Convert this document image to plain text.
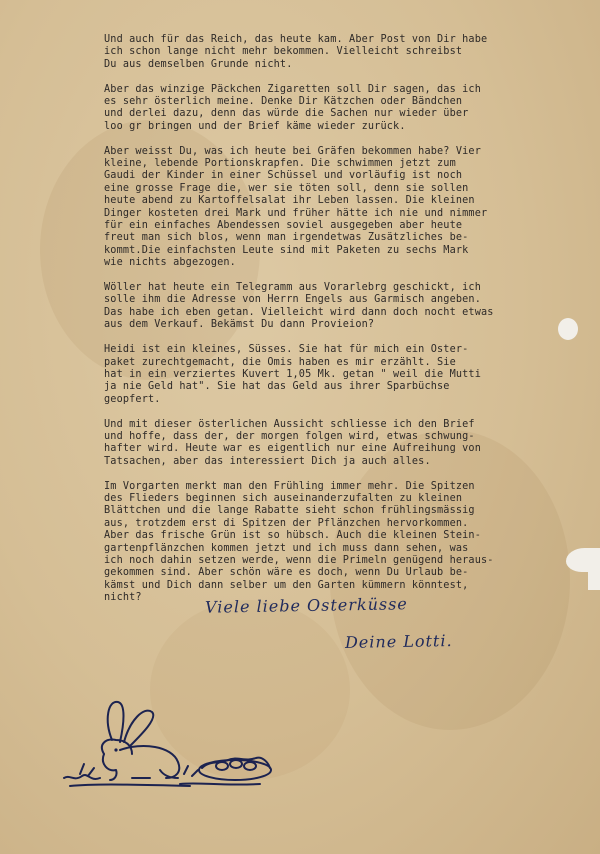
Und auch für das Reich, das heute kam. Aber Post von Dir habe
ich schon lange nicht mehr bekommen. Vielleicht schreibst
Du aus demselben Grunde nicht.
Aber das winzige Päckchen Zigaretten soll Dir sagen, das ich
es sehr österlich meine. Denke Dir Kätzchen oder Bändchen
und derlei dazu, denn das würde die Sachen nur wieder über
loo gr bringen und der Brief käme wieder zurück.
Aber weisst Du, was ich heute bei Gräfen bekommen habe? Vier
kleine, lebende Portionskrapfen. Die schwimmen jetzt zum
Gaudi der Kinder in einer Schüssel und vorläufig ist noch
eine grosse Frage die, wer sie töten soll, denn sie sollen
heute abend zu Kartoffelsalat ihr Leben lassen. Die kleinen
Dinger kosteten drei Mark und früher hätte ich nie und nimmer
für ein einfaches Abendessen soviel ausgegeben aber heute
freut man sich blos, wenn man irgendetwas Zusätzliches be-
kommt.Die einfachsten Leute sind mit Paketen zu sechs Mark
wie nichts abgezogen.
Wöller hat heute ein Telegramm aus Vorarlebrg geschickt, ich
solle ihm die Adresse von Herrn Engels aus Garmisch angeben.
Das habe ich eben getan. Vielleicht wird dann doch nocht etwas
aus dem Verkauf. Bekämst Du dann Provieion?
Heidi ist ein kleines, Süsses. Sie hat für mich ein Oster-
paket zurechtgemacht, die Omis haben es mir erzählt. Sie
hat in ein verziertes Kuvert 1,05 Mk. getan " weil die Mutti
ja nie Geld hat". Sie hat das Geld aus ihrer Sparbüchse
geopfert.
Und mit dieser österlichen Aussicht schliesse ich den Brief
und hoffe, dass der, der morgen folgen wird, etwas schwung-
hafter wird. Heute war es eigentlich nur eine Aufreihung von
Tatsachen, aber das interessiert Dich ja auch alles.
Im Vorgarten merkt man den Frühling immer mehr. Die Spitzen
des Flieders beginnen sich auseinanderzufalten zu kleinen
Blättchen und die lange Rabatte sieht schon frühlingsmässig
aus, trotzdem erst di Spitzen der Pflänzchen hervorkommen.
Aber das frische Grün ist so hübsch. Auch die kleinen Stein-
gartenpflänzchen kommen jetzt und ich muss dann sehen, was
ich noch dahin setzen werde, wenn die Primeln genügend heraus-
gekommen sind. Aber schön wäre es doch, wenn Du Urlaub be-
kämst und Dich dann selber um den Garten kümmern könntest,
nicht?	Viele liebe Osterküsse
Deine Lotti.
